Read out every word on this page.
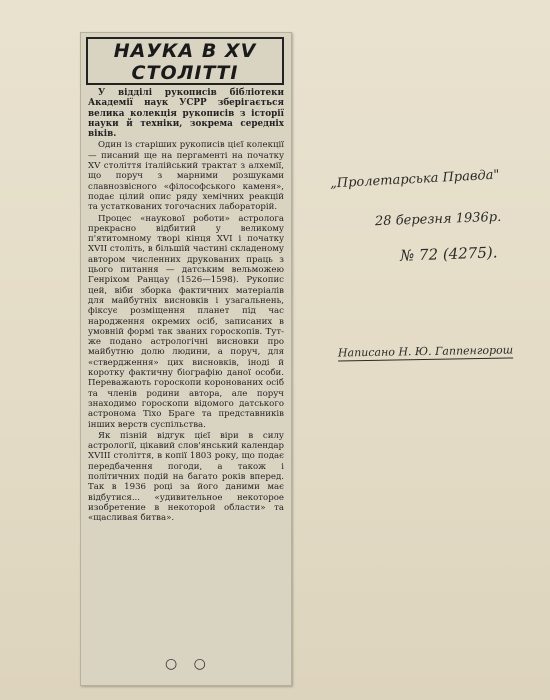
НАУКА В XV
СТОЛІТТІ

У відділі рукописів бібліотеки Академії наук УСРР зберігається велика колекція рукописів з історії науки й техніки, зокрема середніх віків.

Один із старіших рукописів цієї колекції — писаний ще на пергаменті на початку XV століття італійський трактат з алхемії, що поруч з марними розшуками славнозвісного «філософського каменя», подає цілий опис ряду хемічних реакцій та устаткованих тогочасних лабораторій.

Процес «наукової роботи» астролога прекрасно відбитий у великому п'ятитомному творі кінця XVI і початку XVII століть, в більшій частині складеному автором численних друкованих праць з цього питання — датським вельможею Генріхом Ранцау (1526—1598). Рукопис цей, віби зборка фактичних матеріалів для майбутніх висновків і узагальнень, фіксує розміщення планет під час народження окремих осіб, записаних в умовній формі так званих гороскопів. Тут-же подано астрологічні висновки про майбутню долю людини, а поруч, для «ствердження» цих висновків, іноді й коротку фактичну біографію даної особи. Переважають гороскопи коронованих осіб та членів родини автора, але поруч знаходимо гороскопи відомого датського астронома Тіхо Браге та представників інших верств суспільства.

Як пізній відгук цієї віри в силу астрології, цікавий слов'янський календар XVIII століття, в копії 1803 року, що подає передбачення погоди, а також і політичних подій на багато років вперед. Так в 1936 році за його даними має відбутися... «удивительное некоторое изобретение в некоторой области» та «щасливая битва».

○ ○
„Пролетарська Правда"
28 березня 1936р.
№ 72 (4275).
Написано Н. Ю. Гаппенгорош
